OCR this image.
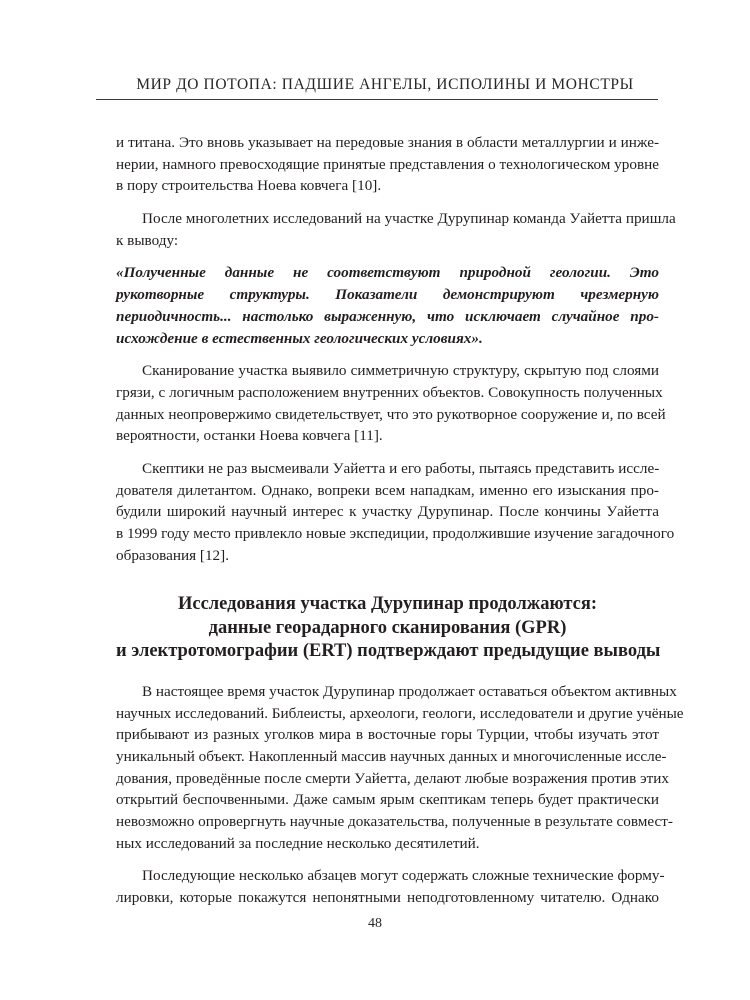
МИР ДО ПОТОПА: ПАДШИЕ АНГЕЛЫ, ИСПОЛИНЫ И МОНСТРЫ
и титана. Это вновь указывает на передовые знания в области металлургии и инже-
нерии, намного превосходящие принятые представления о технологическом уровне
в пору строительства Ноева ковчега [10].
После многолетних исследований на участке Дурупинар команда Уайетта пришла
к выводу:
«Полученные данные не соответствуют природной геологии. Это
рукотворные структуры. Показатели демонстрируют чрезмерную
периодичность... настолько выраженную, что исключает случайное про-
исхождение в естественных геологических условиях».
Сканирование участка выявило симметричную структуру, скрытую под слоями
грязи, с логичным расположением внутренних объектов. Совокупность полученных
данных неопровержимо свидетельствует, что это рукотворное сооружение и, по всей
вероятности, останки Ноева ковчега [11].
Скептики не раз высмеивали Уайетта и его работы, пытаясь представить иссле-
дователя дилетантом. Однако, вопреки всем нападкам, именно его изыскания про-
будили широкий научный интерес к участку Дурупинар. После кончины Уайетта
в 1999 году место привлекло новые экспедиции, продолжившие изучение загадочного
образования [12].
Исследования участка Дурупинар продолжаются:
данные георадарного сканирования (GPR)
и электротомографии (ERT) подтверждают предыдущие выводы
В настоящее время участок Дурупинар продолжает оставаться объектом активных
научных исследований. Библеисты, археологи, геологи, исследователи и другие учёные
прибывают из разных уголков мира в восточные горы Турции, чтобы изучать этот
уникальный объект. Накопленный массив научных данных и многочисленные иссле-
дования, проведённые после смерти Уайетта, делают любые возражения против этих
открытий беспочвенными. Даже самым ярым скептикам теперь будет практически
невозможно опровергнуть научные доказательства, полученные в результате совмест-
ных исследований за последние несколько десятилетий.
Последующие несколько абзацев могут содержать сложные технические форму-
лировки, которые покажутся непонятными неподготовленному читателю. Однако
48
